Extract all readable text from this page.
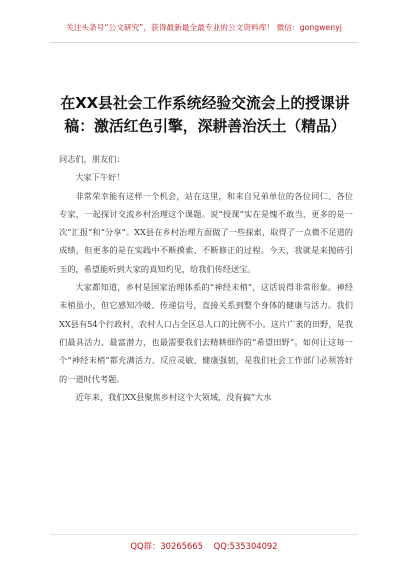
关注头条号“公文研究”，获得最新最全最专业的公文资料库！ 微信：gongwenyj
在XX县社会工作系统经验交流会上的授课讲稿：激活红色引擎，深耕善治沃土（精品）

同志们，朋友们：

大家下午好！

非常荣幸能有这样一个机会，站在这里，和来自兄弟单位的各位同仁、各位专家，一起探讨交流乡村治理这个课题。说“授课”实在是愧不敢当，更多的是一次“汇报”和“分享”。XX县在乡村治理方面做了一些探索，取得了一点微不足道的成绩，但更多的是在实践中不断摸索、不断修正的过程。今天，我就是来抛砖引玉的，希望能听到大家的真知灼见，给我们传经送宝。

大家都知道，乡村是国家治理体系的“神经末梢”，这话说得非常形象。神经末梢虽小，但它感知冷暖、传递信号，直接关系到整个身体的健康与活力。我们XX县有54个行政村，农村人口占全区总人口的比例不小。这片广袤的田野，是我们最具活力、最富潜力，也最需要我们去精耕细作的“希望田野”。如何让这每一个“神经末梢”都充满活力、反应灵敏、健康强韧，是我们社会工作部门必须答好的一道时代考题。

近年来，我们XX县聚焦乡村这个大领域，没有搞“大水

QQ群：30265665 QQ:535304092
